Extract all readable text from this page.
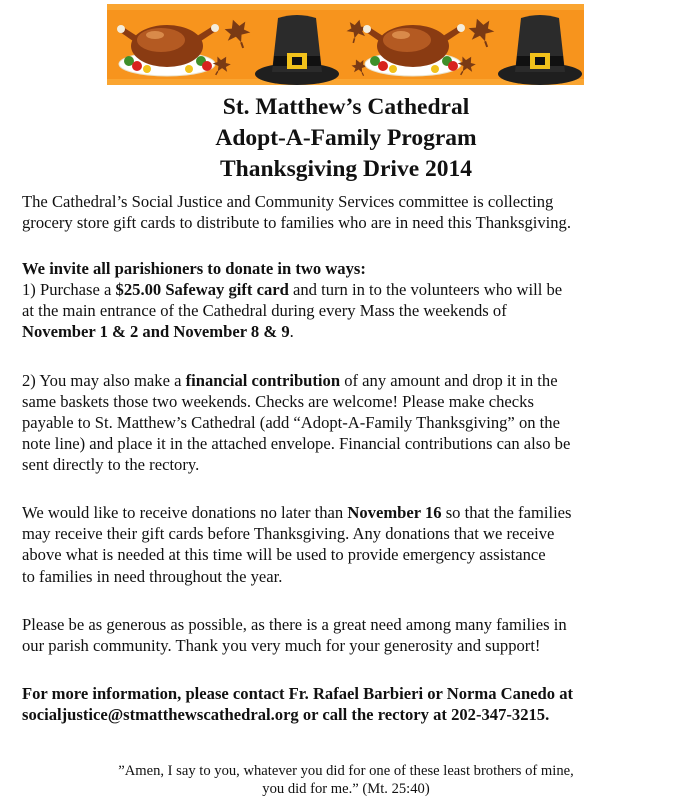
St. Matthew’s Cathedral
Adopt-A-Family Program
Thanksgiving Drive 2014
The Cathedral’s Social Justice and Community Services committee is collecting
grocery store gift cards to distribute to families who are in need this Thanksgiving.
We invite all parishioners to donate in two ways:
1) Purchase a $25.00 Safeway gift card and turn in to the volunteers who will be
at the main entrance of the Cathedral during every Mass the weekends of
November 1 & 2 and November 8 & 9.
2) You may also make a financial contribution of any amount and drop it in the
same baskets those two weekends. Checks are welcome! Please make checks
payable to St. Matthew’s Cathedral (add “Adopt-A-Family Thanksgiving” on the
note line) and place it in the attached envelope. Financial contributions can also be
sent directly to the rectory.
We would like to receive donations no later than November 16 so that the families
may receive their gift cards before Thanksgiving. Any donations that we receive
above what is needed at this time will be used to provide emergency assistance
to families in need throughout the year.
Please be as generous as possible, as there is a great need among many families in
our parish community. Thank you very much for your generosity and support!
For more information, please contact Fr. Rafael Barbieri or Norma Canedo at
socialjustice@stmatthewscathedral.org or call the rectory at 202-347-3215.
”Amen, I say to you, whatever you did for one of these least brothers of mine,
you did for me.” (Mt. 25:40)
